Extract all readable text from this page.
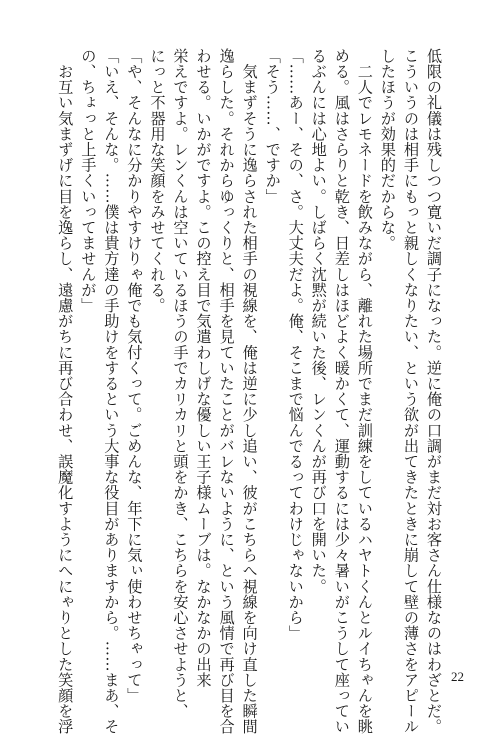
低限の礼儀は残しつつ寛いだ調子になった。逆に俺の口調がまだ対お客さん仕様なのはわざとだ。

こういうのは相手にもっと親しくなりたい、という欲が出てきたときに崩して壁の薄さをアピール

したほうが効果的だからな。

　二人でレモネードを飲みながら、離れた場所でまだ訓練をしているハヤトくんとルイちゃんを眺

める。風はさらりと乾き、日差しはほどよく暖かくて、運動するには少々暑いがこうして座ってい

るぶんには心地よい。しばらく沈黙が続いた後、レンくんが再び口を開いた。

「……あー、その、さ。大丈夫だよ。俺、そこまで悩んでるってわけじゃないから」

「そう……、ですか」

　気まずそうに逸らされた相手の視線を、俺は逆に少し追い、彼がこちらへ視線を向け直した瞬間

逸らした。それからゆっくりと、相手を見ていたことがバレないように、という風情で再び目を合

わせる。いかがですよ。この控え目で気遣わしげな優しい王子様ムーブは。なかなかの出来

栄えですよ。レンくんは空いているほうの手でカリカリと頭をかき、こちらを安心させようと、

にっと不器用な笑顔をみせてくれる。

「や、そんなに分かりやすけりゃ俺でも気付くって。ごめんな、年下に気ぃ使わせちゃって」

「いえ、そんな。……僕は貴方達の手助けをするという大事な役目がありますから。……まあ、そ

の、ちょっと上手くいってませんが」

　お互い気まずげに目を逸らし、遠慮がちに再び合わせ、誤魔化すようにへにゃりとした笑顔を浮	22
